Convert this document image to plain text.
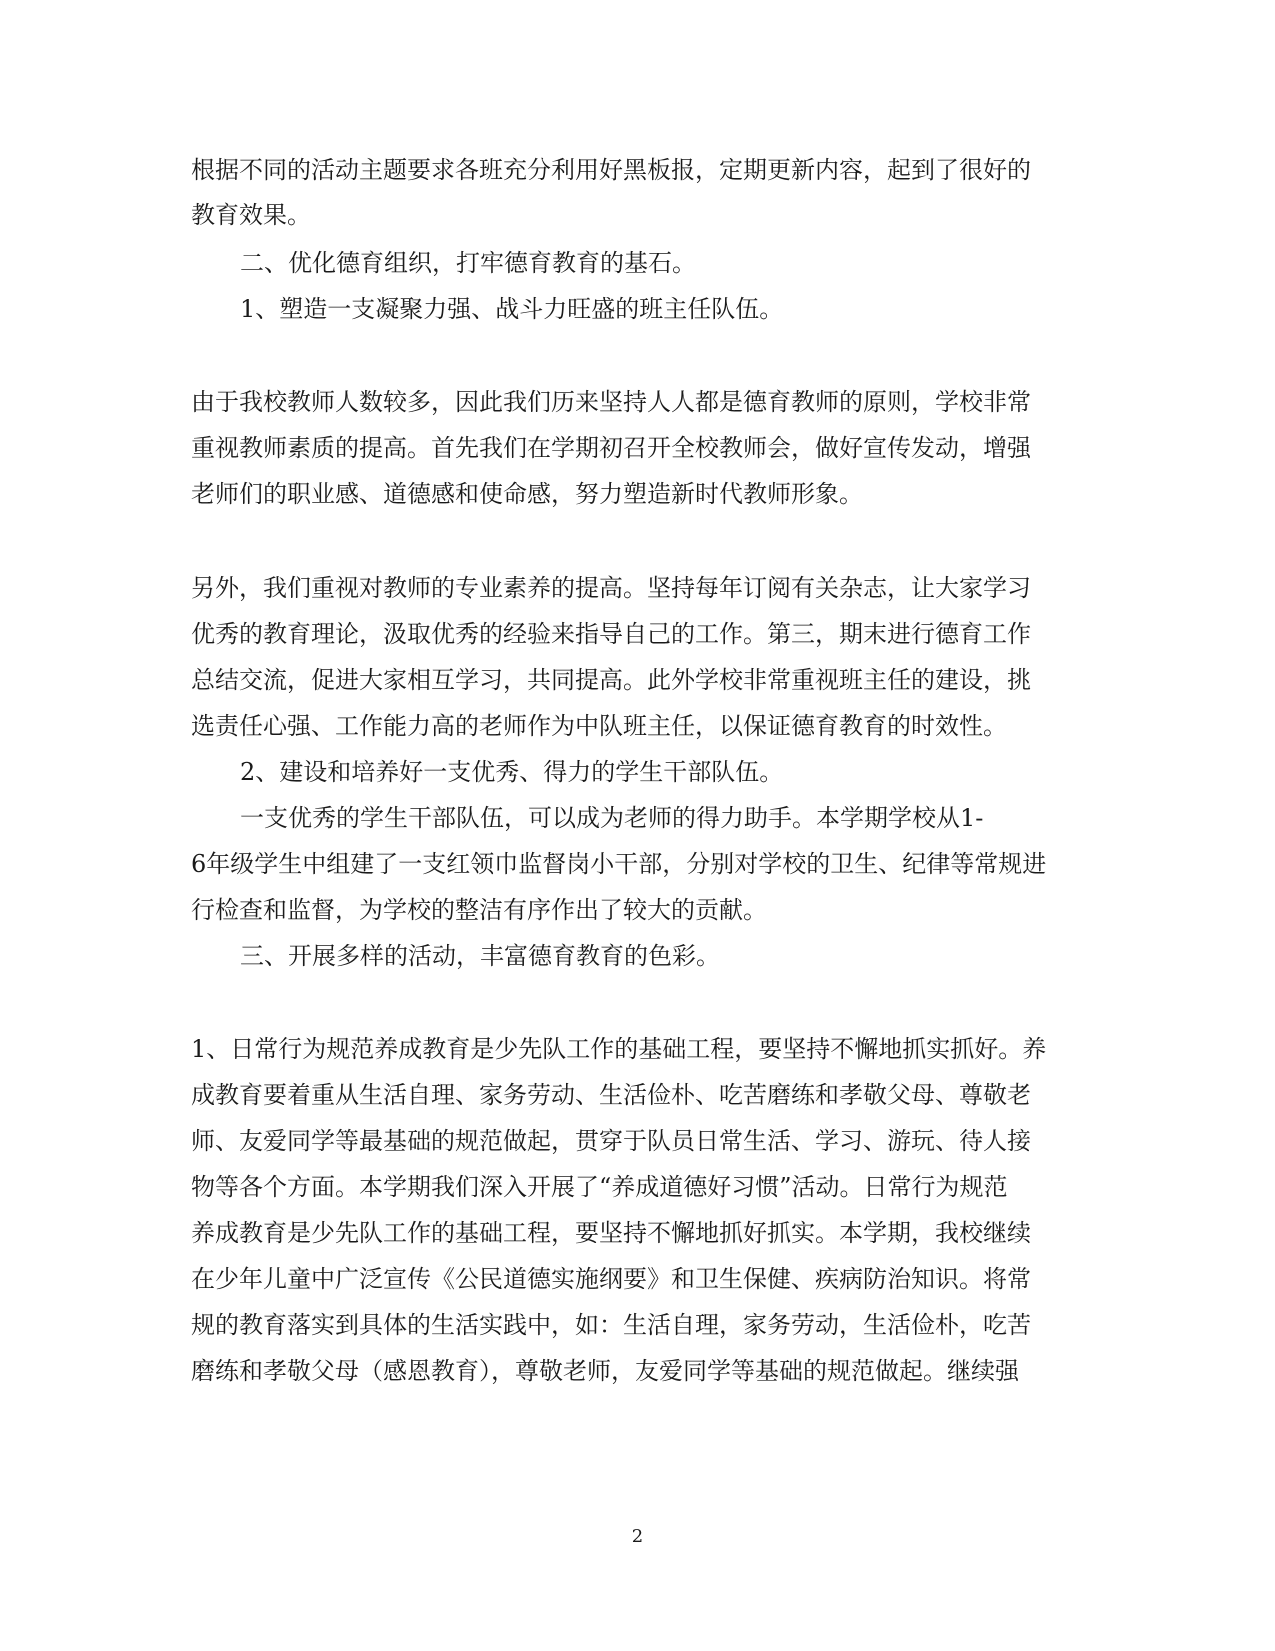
根据不同的活动主题要求各班充分利用好黑板报，定期更新内容，起到了很好的
教育效果。
二、优化德育组织，打牢德育教育的基石。
1、塑造一支凝聚力强、战斗力旺盛的班主任队伍。
由于我校教师人数较多，因此我们历来坚持人人都是德育教师的原则，学校非常
重视教师素质的提高。首先我们在学期初召开全校教师会，做好宣传发动，增强
老师们的职业感、道德感和使命感，努力塑造新时代教师形象。
另外，我们重视对教师的专业素养的提高。坚持每年订阅有关杂志，让大家学习
优秀的教育理论，汲取优秀的经验来指导自己的工作。第三，期末进行德育工作
总结交流，促进大家相互学习，共同提高。此外学校非常重视班主任的建设，挑
选责任心强、工作能力高的老师作为中队班主任，以保证德育教育的时效性。
2、建设和培养好一支优秀、得力的学生干部队伍。
一支优秀的学生干部队伍，可以成为老师的得力助手。本学期学校从1-
6年级学生中组建了一支红领巾监督岗小干部，分别对学校的卫生、纪律等常规进
行检查和监督，为学校的整洁有序作出了较大的贡献。
三、开展多样的活动，丰富德育教育的色彩。
1、日常行为规范养成教育是少先队工作的基础工程，要坚持不懈地抓实抓好。养
成教育要着重从生活自理、家务劳动、生活俭朴、吃苦磨练和孝敬父母、尊敬老
师、友爱同学等最基础的规范做起，贯穿于队员日常生活、学习、游玩、待人接
物等各个方面。本学期我们深入开展了“养成道德好习惯”活动。日常行为规范
养成教育是少先队工作的基础工程，要坚持不懈地抓好抓实。本学期，我校继续
在少年儿童中广泛宣传《公民道德实施纲要》和卫生保健、疾病防治知识。将常
规的教育落实到具体的生活实践中，如：生活自理，家务劳动，生活俭朴，吃苦
磨练和孝敬父母（感恩教育），尊敬老师，友爱同学等基础的规范做起。继续强
2
